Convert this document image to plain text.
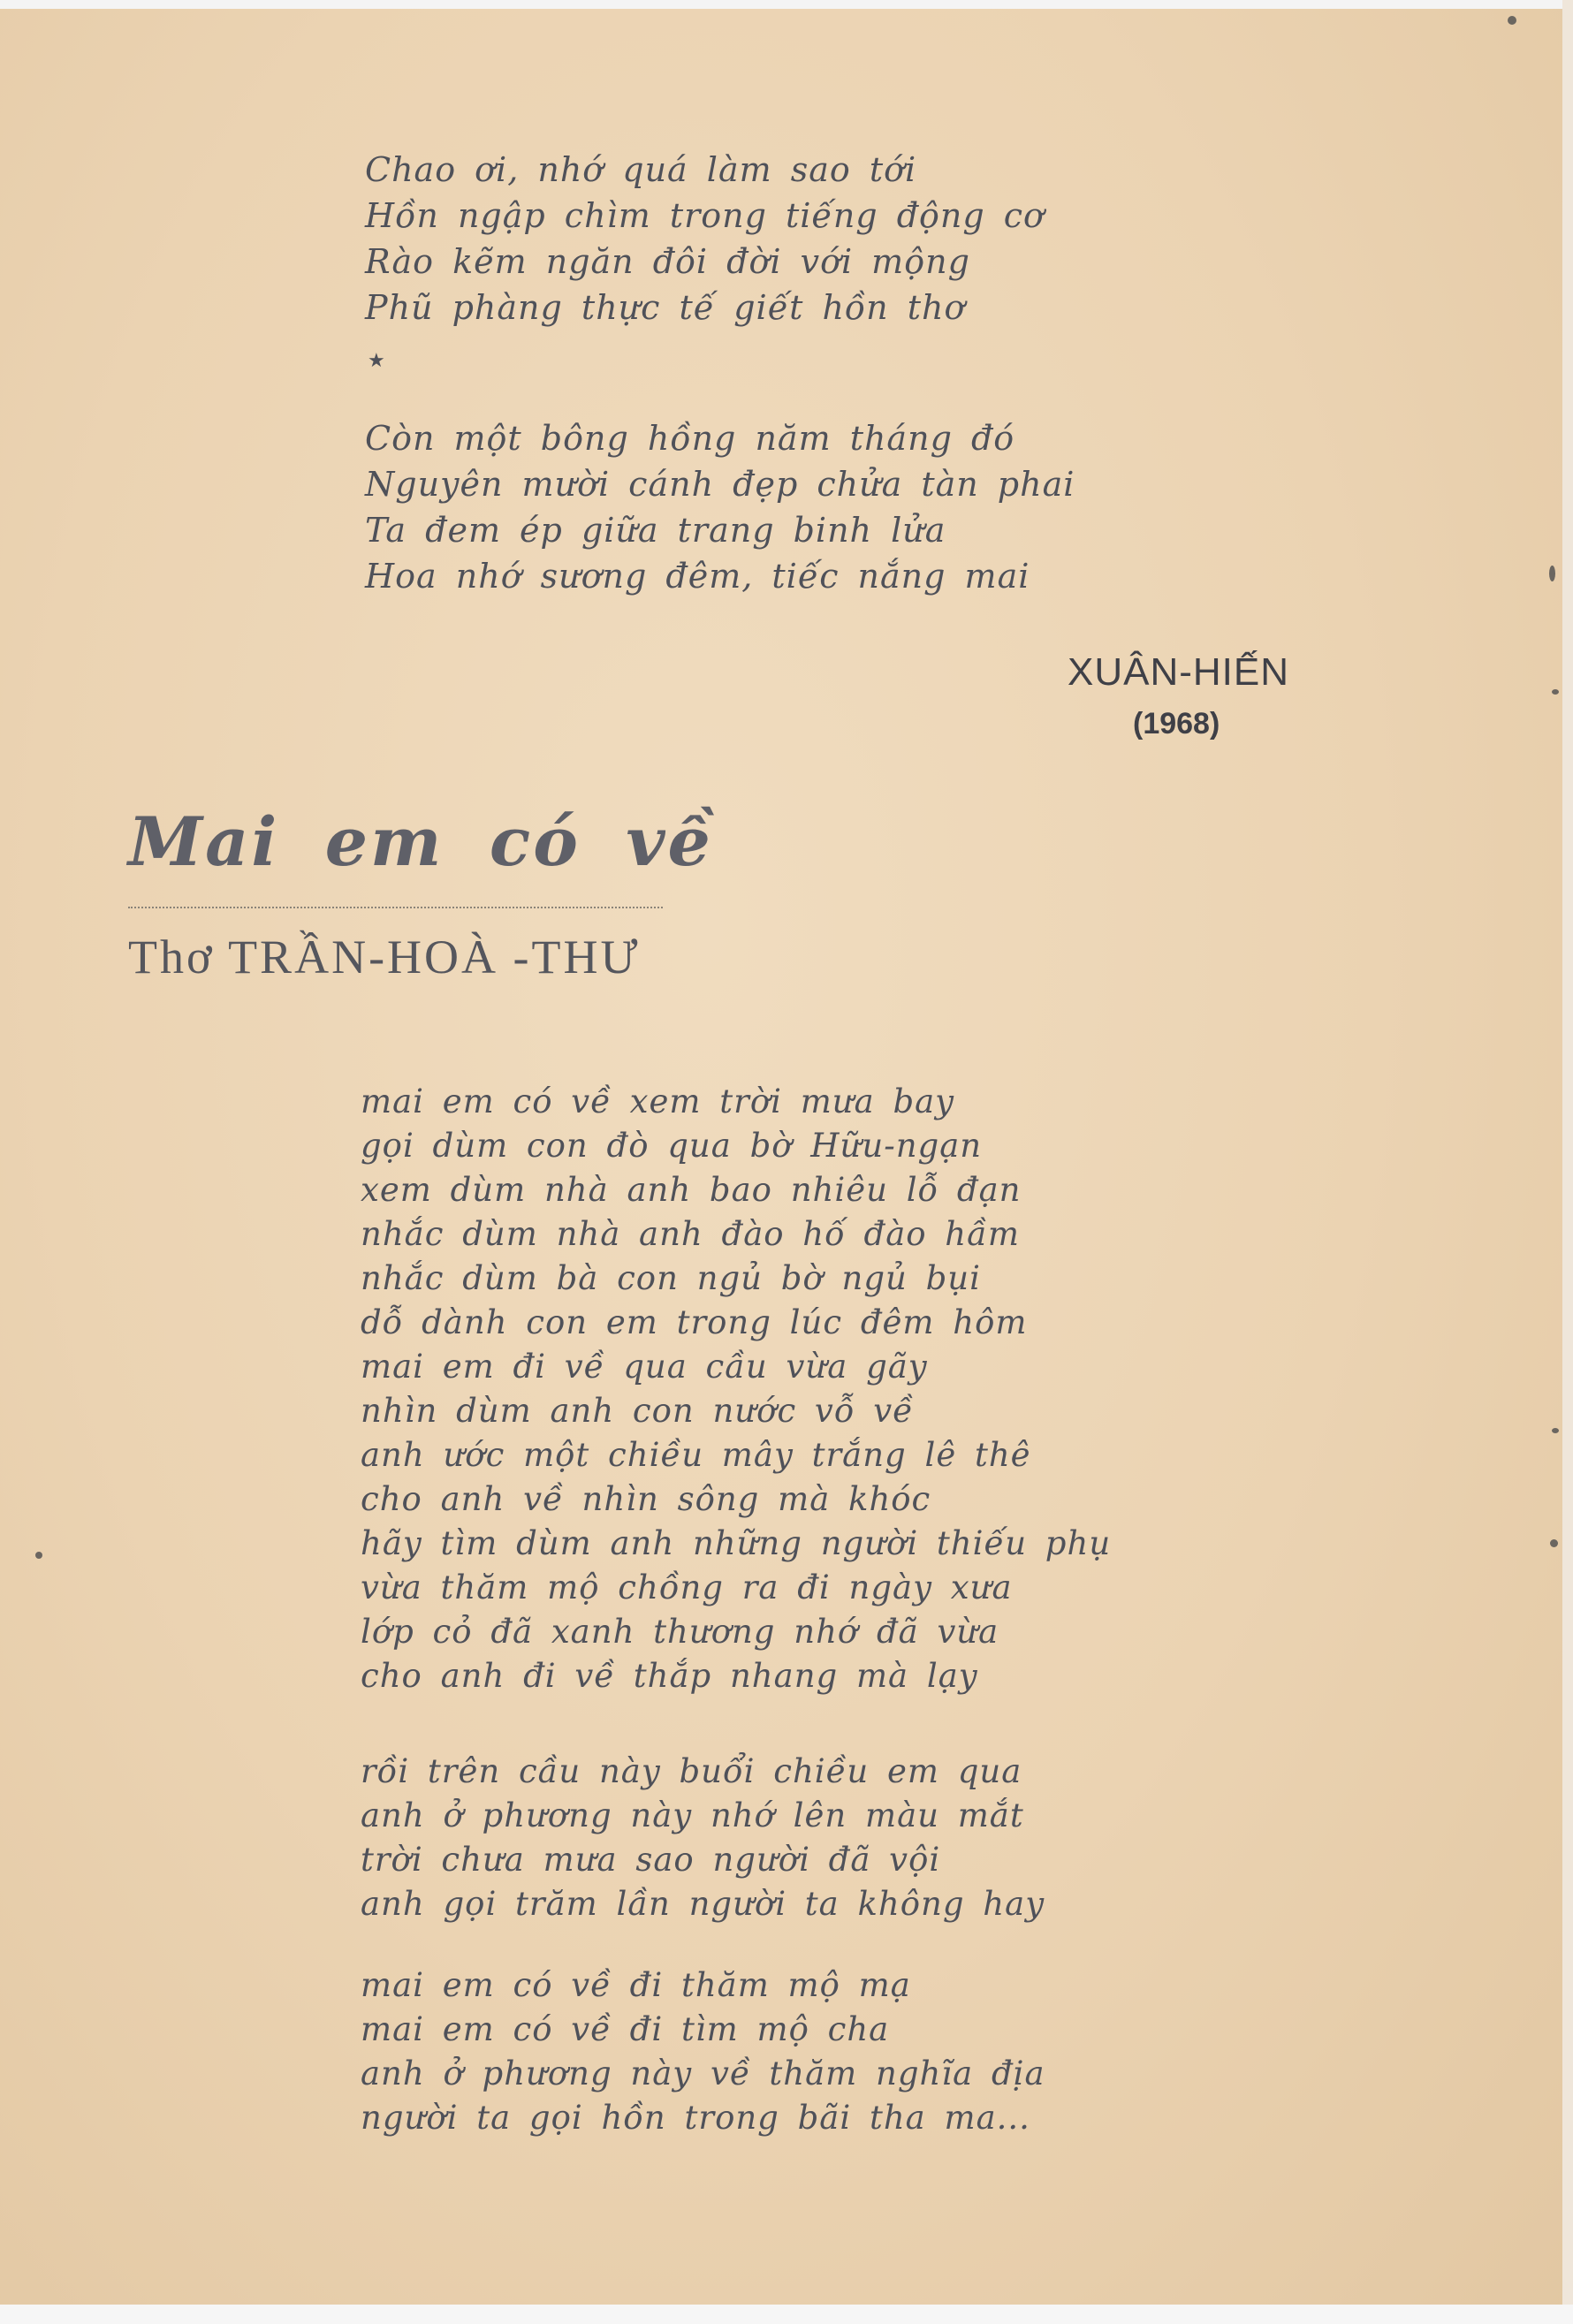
Chao ơi, nhớ quá làm sao tới
Hồn ngập chìm trong tiếng động cơ
Rào kẽm ngăn đôi đời với mộng
Phũ phàng thực tế giết hồn thơ
★
Còn một bông hồng năm tháng đó
Nguyên mười cánh đẹp chửa tàn phai
Ta đem ép giữa trang binh lửa
Hoa nhớ sương đêm, tiếc nắng mai
XUÂN-HIẾN
(1968)
Mai em có về
Thơ TRẦN-HOÀ -THƯ
mai em có về xem trời mưa bay
gọi dùm con đò qua bờ Hữu-ngạn
xem dùm nhà anh bao nhiêu lỗ đạn
nhắc dùm nhà anh đào hố đào hầm
nhắc dùm bà con ngủ bờ ngủ bụi
dỗ dành con em trong lúc đêm hôm
mai em đi về qua cầu vừa gãy
nhìn dùm anh con nước vỗ về
anh ước một chiều mây trắng lê thê
cho anh về nhìn sông mà khóc
hãy tìm dùm anh những người thiếu phụ
vừa thăm mộ chồng ra đi ngày xưa
lớp cỏ đã xanh thương nhớ đã vừa
cho anh đi về thắp nhang mà lạy
rồi trên cầu này buổi chiều em qua
anh ở phương này nhớ lên màu mắt
trời chưa mưa sao người đã vội
anh gọi trăm lần người ta không hay
mai em có về đi thăm mộ mạ
mai em có về đi tìm mộ cha
anh ở phương này về thăm nghĩa địa
người ta gọi hồn trong bãi tha ma...
